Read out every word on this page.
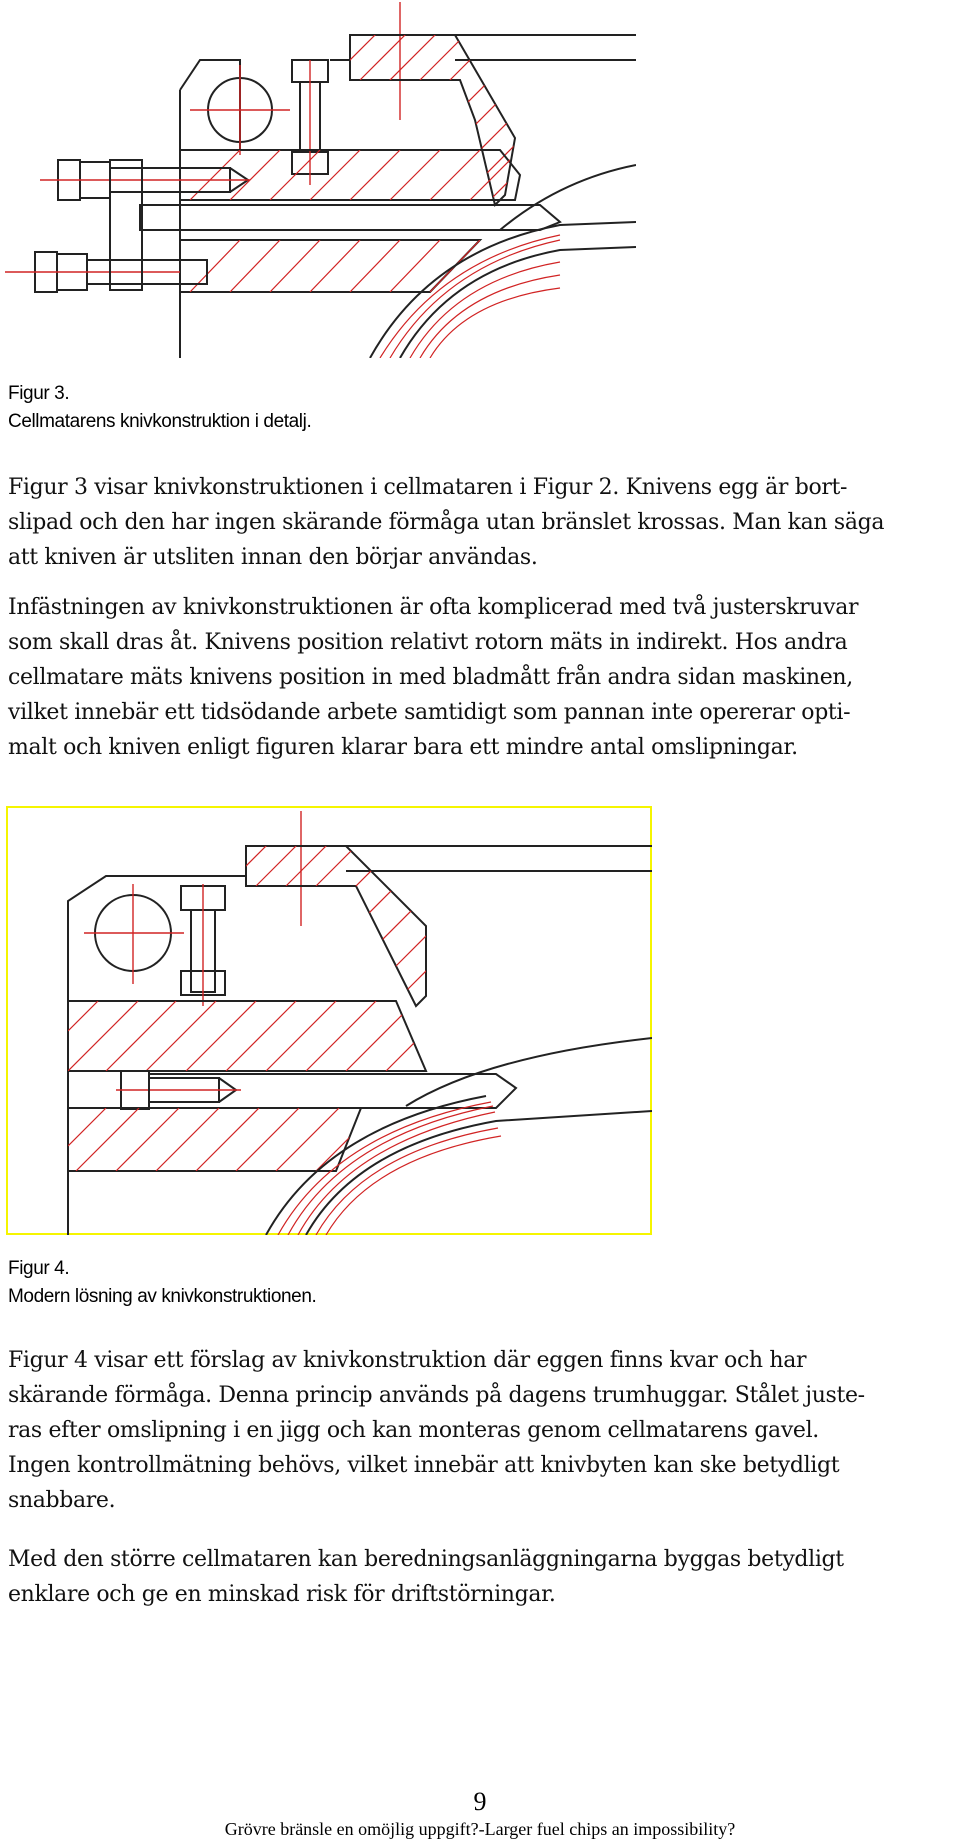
Figur 3.
Cellmatarens knivkonstruktion i detalj.
Figur 3 visar knivkonstruktionen i cellmataren i Figur 2. Knivens egg är bort-
slipad och den har ingen skärande förmåga utan bränslet krossas. Man kan säga
att kniven är utsliten innan den börjar användas.
Infästningen av knivkonstruktionen är ofta komplicerad med två justerskruvar
som skall dras åt. Knivens position relativt rotorn mäts in indirekt. Hos andra
cellmatare mäts knivens position in med bladmått från andra sidan maskinen,
vilket innebär ett tidsödande arbete samtidigt som pannan inte opererar opti-
malt och kniven enligt figuren klarar bara ett mindre antal omslipningar.
Figur 4.
Modern lösning av knivkonstruktionen.
Figur 4 visar ett förslag av knivkonstruktion där eggen finns kvar och har
skärande förmåga. Denna princip används på dagens trumhuggar. Stålet juste-
ras efter omslipning i en jigg och kan monteras genom cellmatarens gavel.
Ingen kontrollmätning behövs, vilket innebär att knivbyten kan ske betydligt
snabbare.
Med den större cellmataren kan beredningsanläggningarna byggas betydligt
enklare och ge en minskad risk för driftstörningar.
9
Grövre bränsle en omöjlig uppgift?-Larger fuel chips an impossibility?
